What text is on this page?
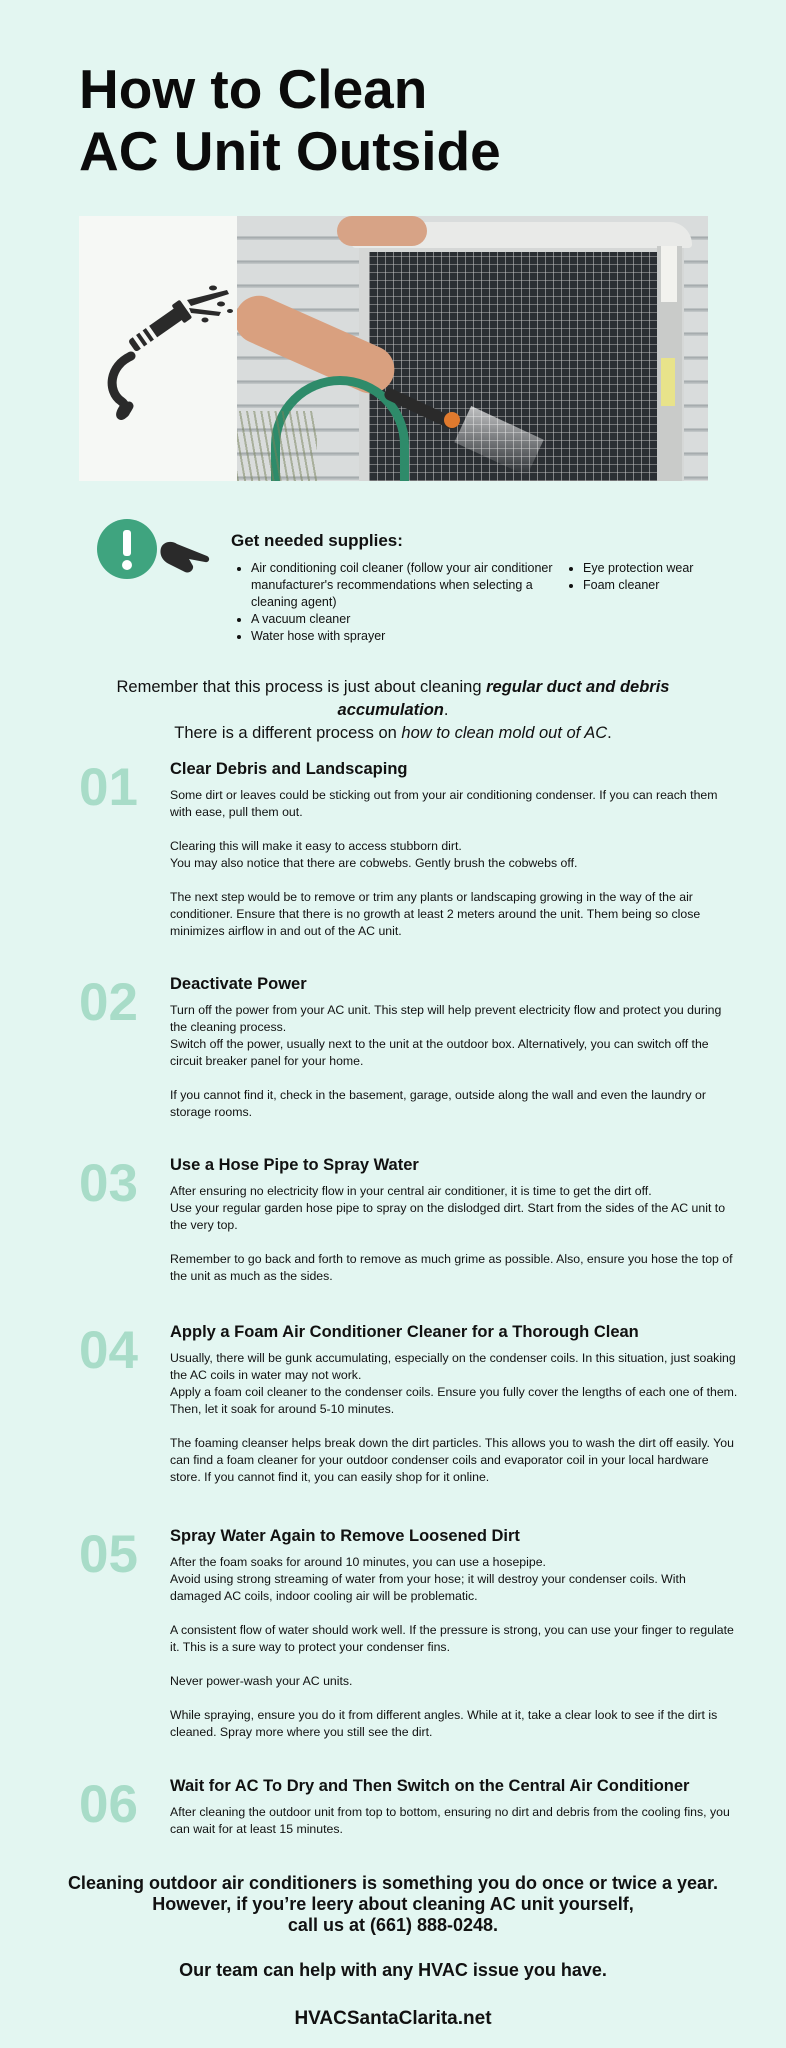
How to Clean
AC Unit Outside
Get needed supplies:
• Air conditioning coil cleaner (follow your air conditioner manufacturer's recommendations when selecting a cleaning agent)
• A vacuum cleaner
• Water hose with sprayer
• Eye protection wear
• Foam cleaner
Remember that this process is just about cleaning regular duct and debris accumulation.
There is a different process on how to clean mold out of AC.
01 Clear Debris and Landscaping

Some dirt or leaves could be sticking out from your air conditioning condenser. If you can reach them with ease, pull them out.

Clearing this will make it easy to access stubborn dirt.
You may also notice that there are cobwebs. Gently brush the cobwebs off.

The next step would be to remove or trim any plants or landscaping growing in the way of the air conditioner. Ensure that there is no growth at least 2 meters around the unit. Them being so close minimizes airflow in and out of the AC unit.

02 Deactivate Power

Turn off the power from your AC unit. This step will help prevent electricity flow and protect you during the cleaning process.
Switch off the power, usually next to the unit at the outdoor box. Alternatively, you can switch off the circuit breaker panel for your home.

If you cannot find it, check in the basement, garage, outside along the wall and even the laundry or storage rooms.

03 Use a Hose Pipe to Spray Water

After ensuring no electricity flow in your central air conditioner, it is time to get the dirt off.
Use your regular garden hose pipe to spray on the dislodged dirt. Start from the sides of the AC unit to the very top.

Remember to go back and forth to remove as much grime as possible. Also, ensure you hose the top of the unit as much as the sides.

04 Apply a Foam Air Conditioner Cleaner for a Thorough Clean

Usually, there will be gunk accumulating, especially on the condenser coils. In this situation, just soaking the AC coils in water may not work.
Apply a foam coil cleaner to the condenser coils. Ensure you fully cover the lengths of each one of them. Then, let it soak for around 5-10 minutes.

The foaming cleanser helps break down the dirt particles. This allows you to wash the dirt off easily. You can find a foam cleaner for your outdoor condenser coils and evaporator coil in your local hardware store. If you cannot find it, you can easily shop for it online.

05 Spray Water Again to Remove Loosened Dirt

After the foam soaks for around 10 minutes, you can use a hosepipe.
Avoid using strong streaming of water from your hose; it will destroy your condenser coils. With damaged AC coils, indoor cooling air will be problematic.

A consistent flow of water should work well. If the pressure is strong, you can use your finger to regulate it. This is a sure way to protect your condenser fins.

Never power-wash your AC units.

While spraying, ensure you do it from different angles. While at it, take a clear look to see if the dirt is cleaned. Spray more where you still see the dirt.

06 Wait for AC To Dry and Then Switch on the Central Air Conditioner

After cleaning the outdoor unit from top to bottom, ensuring no dirt and debris from the cooling fins, you can wait for at least 15 minutes.

Cleaning outdoor air conditioners is something you do once or twice a year.
However, if you’re leery about cleaning AC unit yourself,
call us at (661) 888-0248.
Our team can help with any HVAC issue you have.
HVACSantaClarita.net
